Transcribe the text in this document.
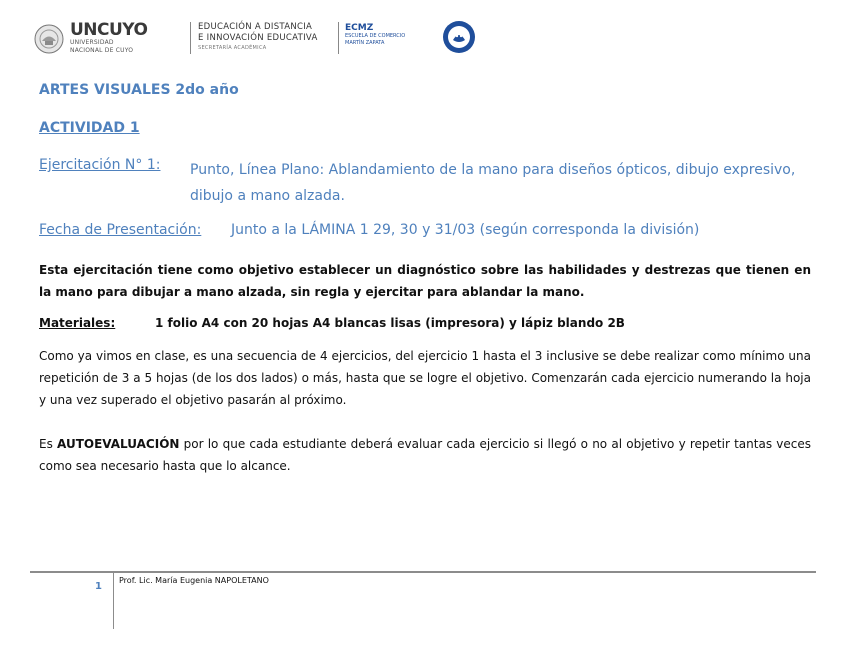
UNCUYO
UNIVERSIDAD
NACIONAL DE CUYO
EDUCACIÓN A DISTANCIA
E INNOVACIÓN EDUCATIVA
SECRETARÍA ACADÉMICA
ECMZ
ESCUELA DE COMERCIO
MARTÍN ZAPATA
ARTES VISUALES 2do año
ACTIVIDAD 1
Ejercitación N° 1: Punto, Línea Plano: Ablandamiento de la mano para diseños ópticos, dibujo expresivo, dibujo a mano alzada.
Fecha de Presentación: Junto a la LÁMINA 1 29, 30 y 31/03 (según corresponda la división)
Esta ejercitación tiene como objetivo establecer un diagnóstico sobre las habilidades y destrezas que tienen en la mano para dibujar a mano alzada, sin regla y ejercitar para ablandar la mano.
Materiales:	1 folio A4 con 20 hojas A4 blancas lisas (impresora) y lápiz blando 2B
Como ya vimos en clase, es una secuencia de 4 ejercicios, del ejercicio 1 hasta el 3 inclusive se debe realizar como mínimo una repetición de 3 a 5 hojas (de los dos lados) o más, hasta que se logre el objetivo. Comenzarán cada ejercicio numerando la hoja y una vez superado el objetivo pasarán al próximo.
Es AUTOEVALUACIÓN por lo que cada estudiante deberá evaluar cada ejercicio si llegó o no al objetivo y repetir tantas veces como sea necesario hasta que lo alcance.
1
Prof. Lic. María Eugenia NAPOLETANO
